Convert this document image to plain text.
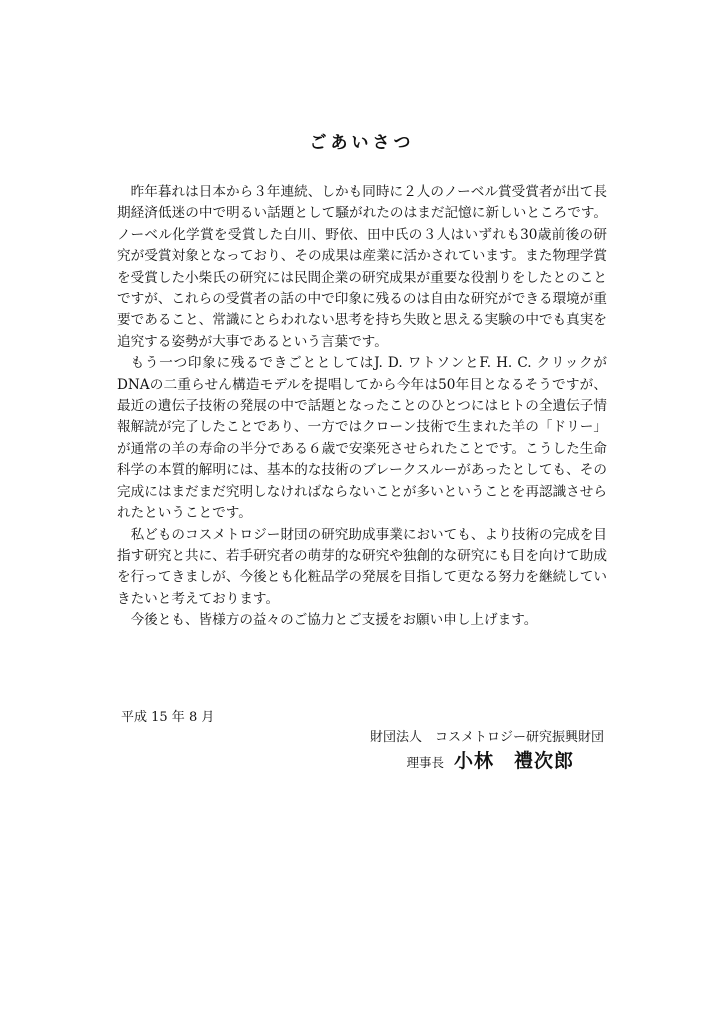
ごあいさつ

昨年暮れは日本から３年連続、しかも同時に２人のノーベル賞受賞者が出て長期経済低迷の中で明るい話題として騒がれたのはまだ記憶に新しいところです。ノーベル化学賞を受賞した白川、野依、田中氏の３人はいずれも30歳前後の研究が受賞対象となっており、その成果は産業に活かされています。また物理学賞を受賞した小柴氏の研究には民間企業の研究成果が重要な役割りをしたとのことですが、これらの受賞者の話の中で印象に残るのは自由な研究ができる環境が重要であること、常識にとらわれない思考を持ち失敗と思える実験の中でも真実を追究する姿勢が大事であるという言葉です。

もう一つ印象に残るできごととしてはJ. D. ワトソンとF. H. C. クリックがDNAの二重らせん構造モデルを提唱してから今年は50年目となるそうですが、最近の遺伝子技術の発展の中で話題となったことのひとつにはヒトの全遺伝子情報解読が完了したことであり、一方ではクローン技術で生まれた羊の「ドリー」が通常の羊の寿命の半分である６歳で安楽死させられたことです。こうした生命科学の本質的解明には、基本的な技術のブレークスルーがあったとしても、その完成にはまだまだ究明しなければならないことが多いということを再認識させられたということです。

私どものコスメトロジー財団の研究助成事業においても、より技術の完成を目指す研究と共に、若手研究者の萌芽的な研究や独創的な研究にも目を向けて助成を行ってきましが、今後とも化粧品学の発展を目指して更なる努力を継続していきたいと考えております。

今後とも、皆様方の益々のご協力とご支援をお願い申し上げます。

平成 15 年 8 月
財団法人　コスメトロジー研究振興財団
理事長 小林　禮次郎
